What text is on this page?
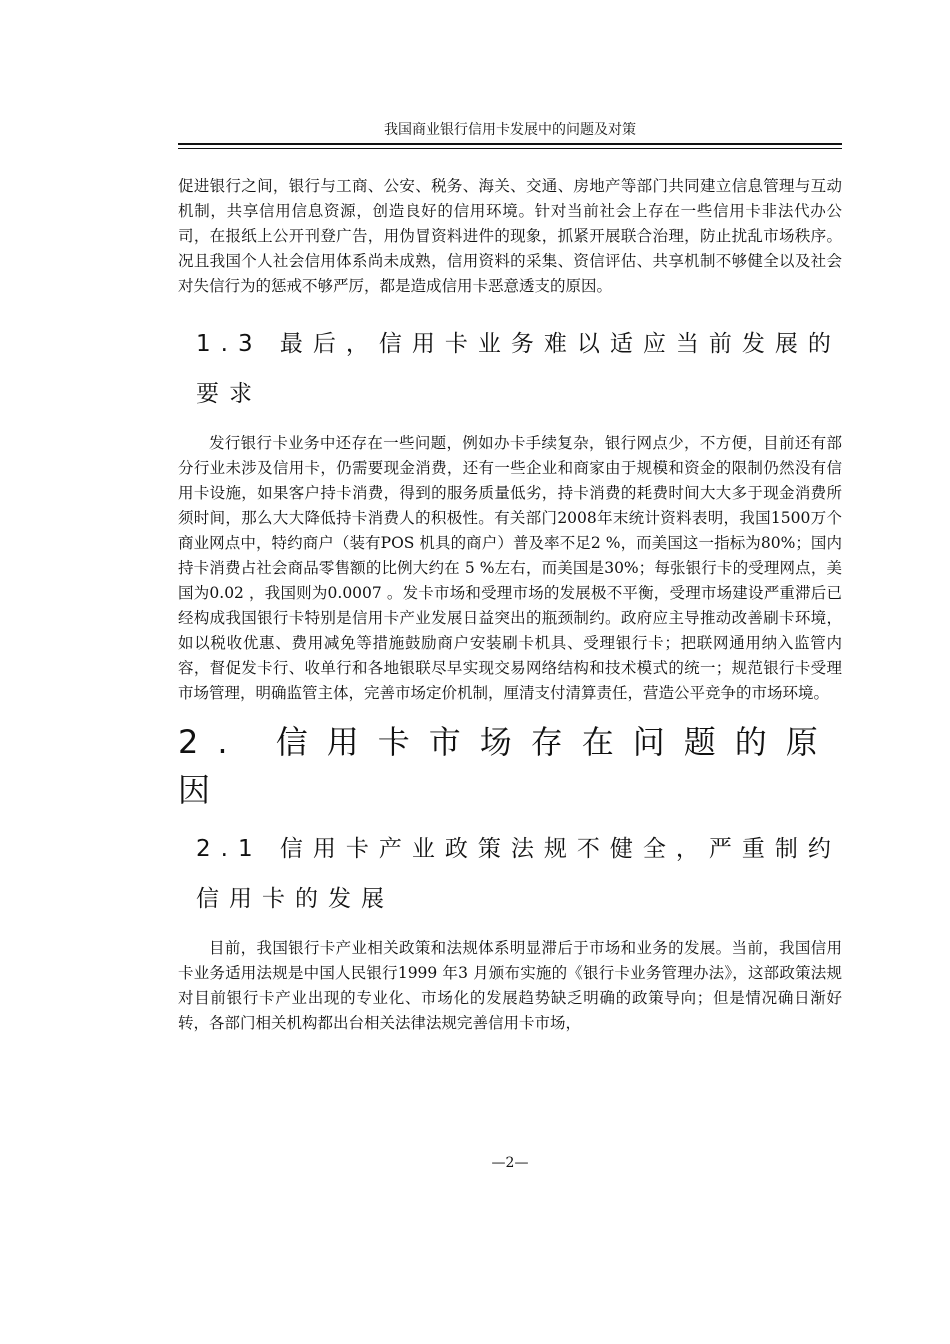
我国商业银行信用卡发展中的问题及对策

促进银行之间，银行与工商、公安、税务、海关、交通、房地产等部门共同建立信息管理与互动机制，共享信用信息资源，创造良好的信用环境。针对当前社会上存在一些信用卡非法代办公司，在报纸上公开刊登广告，用伪冒资料进件的现象，抓紧开展联合治理，防止扰乱市场秩序。况且我国个人社会信用体系尚未成熟，信用资料的采集、资信评估、共享机制不够健全以及社会对失信行为的惩戒不够严厉，都是造成信用卡恶意透支的原因。

1.3 最后，信用卡业务难以适应当前发展的要求

发行银行卡业务中还存在一些问题，例如办卡手续复杂，银行网点少，不方便，目前还有部分行业未涉及信用卡，仍需要现金消费，还有一些企业和商家由于规模和资金的限制仍然没有信用卡设施，如果客户持卡消费，得到的服务质量低劣，持卡消费的耗费时间大大多于现金消费所须时间，那么大大降低持卡消费人的积极性。有关部门2008年末统计资料表明，我国1500万个商业网点中，特约商户（装有POS 机具的商户）普及率不足2 %，而美国这一指标为80%；国内持卡消费占社会商品零售额的比例大约在 5 %左右，而美国是30%；每张银行卡的受理网点，美国为0.02 ，我国则为0.0007 。发卡市场和受理市场的发展极不平衡，受理市场建设严重滞后已经构成我国银行卡特别是信用卡产业发展日益突出的瓶颈制约。政府应主导推动改善刷卡环境，如以税收优惠、费用减免等措施鼓励商户安装刷卡机具、受理银行卡；把联网通用纳入监管内容，督促发卡行、收单行和各地银联尽早实现交易网络结构和技术模式的统一；规范银行卡受理市场管理，明确监管主体，完善市场定价机制，厘清支付清算责任，营造公平竞争的市场环境。

2. 信用卡市场存在问题的原因
2.1 信用卡产业政策法规不健全，严重制约信用卡的发展

目前，我国银行卡产业相关政策和法规体系明显滞后于市场和业务的发展。当前，我国信用卡业务适用法规是中国人民银行1999 年3 月颁布实施的《银行卡业务管理办法》，这部政策法规对目前银行卡产业出现的专业化、市场化的发展趋势缺乏明确的政策导向；但是情况确日渐好转，各部门相关机构都出台相关法律法规完善信用卡市场，

—2—
